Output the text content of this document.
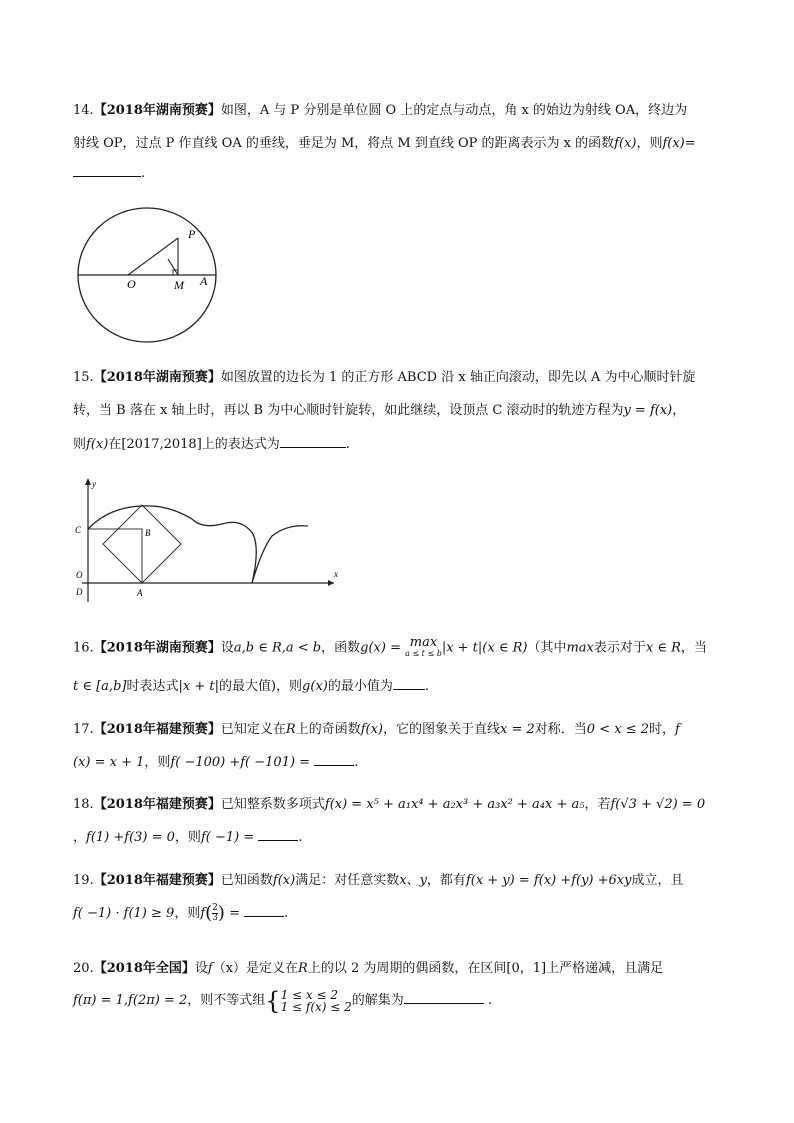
14.【2018年湖南预赛】如图，A 与 P 分别是单位圆 O 上的定点与动点，角 x 的始边为射线 OA，终边为
射线 OP，过点 P 作直线 OA 的垂线，垂足为 M，将点 M 到直线 OP 的距离表示为 x 的函数f(x)，则f(x)=
.
P
O	M A
15.【2018年湖南预赛】如图放置的边长为 1 的正方形 ABCD 沿 x 轴正向滚动，即先以 A 为中心顺时针旋
转，当 B 落在 x 轴上时，再以 B 为中心顺时针旋转，如此继续，设顶点 C 滚动时的轨迹方程为y = f(x)，
则f(x)在[2017,2018]上的表达式为	.
y
x
C	B
O
D	A
16.【2018年湖南预赛】设a,b ∈ R,a < b，函数g(x) = max
a ≤ t ≤ b |x + t|(x ∈ R)（其中max表示对于x ∈ R，当
t ∈ [a,b]时表达式|x + t|的最大值)，则g(x)的最小值为 .
17.【2018年福建预赛】已知定义在R上的奇函数f(x)，它的图象关于直线x = 2对称．当0 < x ≤ 2时，f
(x) = x + 1，则f( −100) +f( −101) =	.
18.【2018年福建预赛】已知整系数多项式f(x) = x⁵ + a₁x⁴ + a₂x³ + a₃x² + a₄x + a₅，若f(√3 + √2) = 0
，f(1) +f(3) = 0，则f( −1) =	.
19.【2018年福建预赛】已知函数f(x)满足：对任意实数x、y，都有f(x + y) = f(x) +f(y) +6xy成立，且
f( −1) · f(1) ≥ 9，则$f( \frac{2}{3}$ ) =	.
20.【2018年全国】设f（x）是定义在R上的以 2 为周期的偶函数，在区间[0，1]上严格递减，且满足
f(π) = 1,f(2π) = 2，则不等式组{ 1 ≤ x ≤ 2
1 ≤ f(x) ≤ 2 的解集为	.
